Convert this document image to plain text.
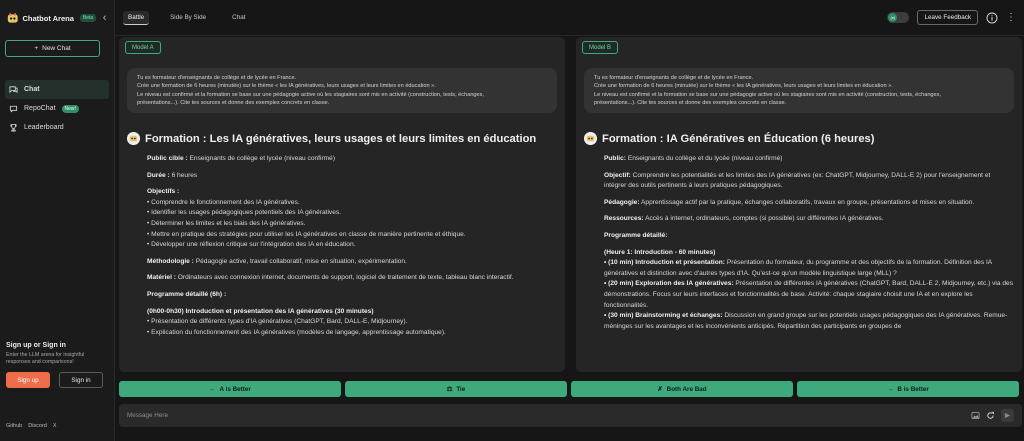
Chatbot Arena	Beta ‹
+ New Chat
Chat
RepoChat	New!
Leaderboard
Sign up or Sign in
Enter the LLM arena for insightful responses and comparisons!
Sign up	Sign in
Github Discord X
Battle	Side By Side	Chat	(e)	Leave Feedback	⋮
Model A
Tu es formateur d'enseignants de collège et de lycée en France.
Crée une formation de 6 heures (minutée) sur le thème « les IA génératives, leurs usages et leurs limites en éducation ».
Le niveau est confirmé et la formation se base sur une pédagogie active où les stagiaires sont mis en activité (construction, tests, échanges,
présentations...). Cite tes sources et donne des exemples concrets en classe.
Formation : Les IA génératives, leurs usages et leurs limites en éducation

Public cible : Enseignants de collège et lycée (niveau confirmé)

Durée : 6 heures

Objectifs :

• Comprendre le fonctionnement des IA génératives.
• Identifier les usages pédagogiques potentiels des IA génératives.
• Déterminer les limites et les biais des IA génératives.
• Mettre en pratique des stratégies pour utiliser les IA génératives en classe de manière pertinente et éthique.
• Développer une réflexion critique sur l'intégration des IA en éducation.

Méthodologie : Pédagogie active, travail collaboratif, mise en situation, expérimentation.

Matériel : Ordinateurs avec connexion internet, documents de support, logiciel de traitement de texte, tableau blanc interactif.

Programme détaillé (6h) :

(0h00-0h30) Introduction et présentation des IA génératives (30 minutes)
• Présentation de différents types d'IA génératives (ChatGPT, Bard, DALL-E, Midjourney).
• Explication du fonctionnement des IA génératives (modèles de langage, apprentissage automatique).
Model B
Tu es formateur d'enseignants de collège et de lycée en France.
Crée une formation de 6 heures (minutée) sur le thème « les IA génératives, leurs usages et leurs limites en éducation ».
Le niveau est confirmé et la formation se base sur une pédagogie active où les stagiaires sont mis en activité (construction, tests, échanges,
présentations...). Cite tes sources et donne des exemples concrets en classe.
Formation : IA Génératives en Éducation (6 heures)

Public: Enseignants du collège et du lycée (niveau confirmé)

Objectif: Comprendre les potentialités et les limites des IA génératives (ex: ChatGPT, Midjourney, DALL-E 2) pour l'enseignement et intégrer des outils pertinents à leurs pratiques pédagogiques.

Pédagogie: Apprentissage actif par la pratique, échanges collaboratifs, travaux en groupe, présentations et mises en situation.

Ressources: Accès à internet, ordinateurs, comptes (si possible) sur différentes IA génératives.

Programme détaillé:

(Heure 1: Introduction - 60 minutes)
• (10 min) Introduction et présentation: Présentation du formateur, du programme et des objectifs de la formation. Définition des IA génératives et distinction avec d'autres types d'IA. Qu'est-ce qu'un modèle linguistique large (MLL) ?
• (20 min) Exploration des IA génératives: Présentation de différentes IA génératives (ChatGPT, Bard, DALL-E 2, Midjourney, etc.) via des démonstrations. Focus sur leurs interfaces et fonctionnalités de base. Activité: chaque stagiaire choisit une IA et en explore les fonctionnalités.
• (30 min) Brainstorming et échanges: Discussion en grand groupe sur les potentiels usages pédagogiques des IA génératives. Remue-méninges sur les avantages et les inconvénients anticipés. Répartition des participants en groupes de
← A is Better	⚖ Tie	✗ Both Are Bad	→ B is Better
Message Here
